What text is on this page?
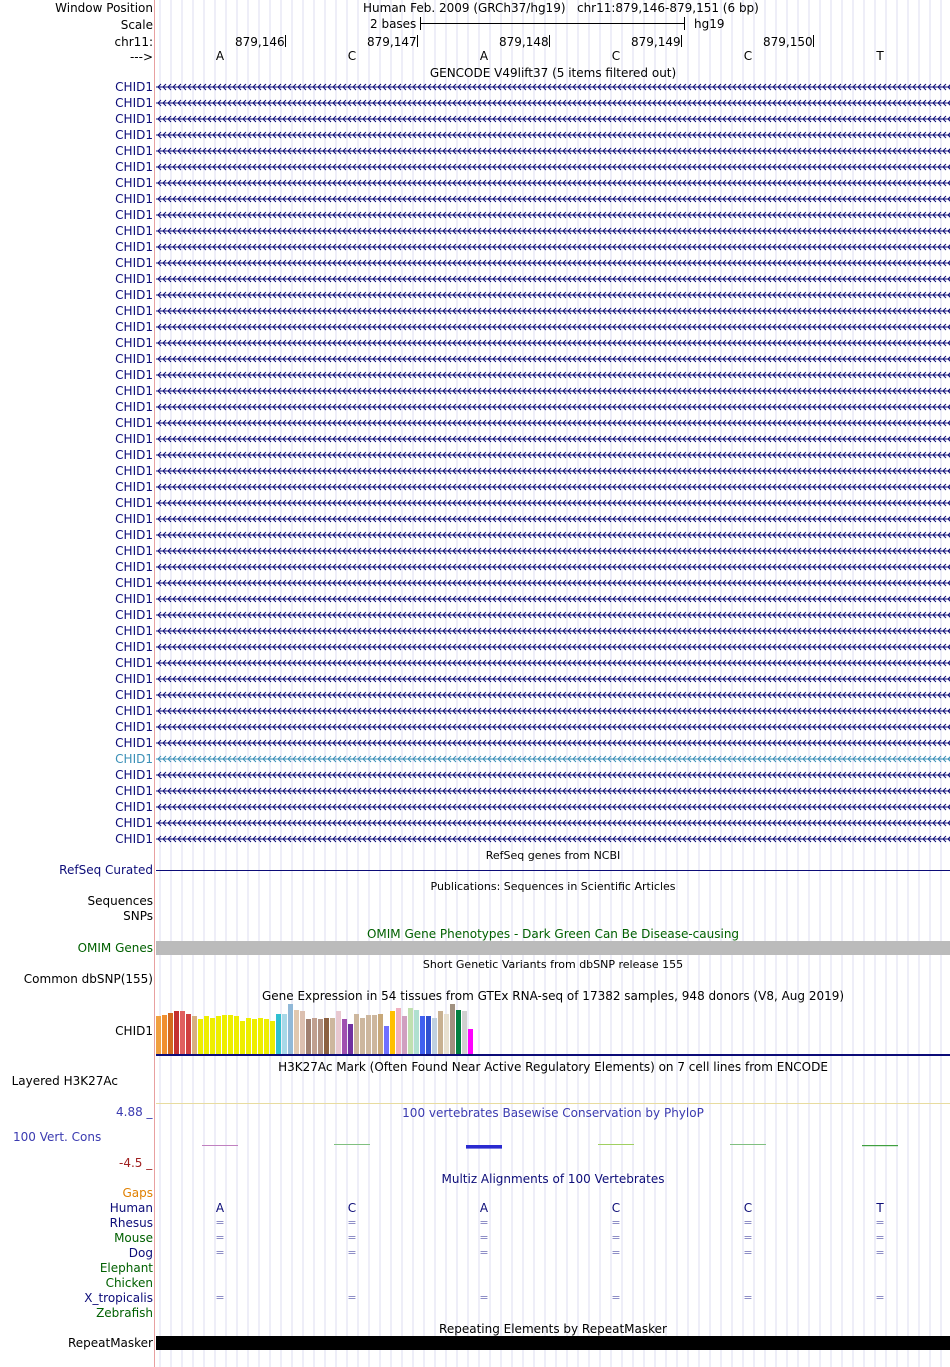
Window Position	Human Feb. 2009 (GRCh37/hg19) chr11:879,146-879,151 (6 bp)
Scale	2 bases	hg19
chr11:	879,146	879,147	879,148	879,149	879,150
--->	A	C	A	C	C	T
GENCODE V49lift37 (5 items filtered out)
CHID1
CHID1
CHID1
CHID1
CHID1
CHID1
CHID1
CHID1
CHID1
CHID1
CHID1
CHID1
CHID1
CHID1
CHID1
CHID1
CHID1
CHID1
CHID1
CHID1
CHID1
CHID1
CHID1
CHID1
CHID1
CHID1
CHID1
CHID1
CHID1
CHID1
CHID1
CHID1
CHID1
CHID1
CHID1
CHID1
CHID1
CHID1
CHID1
CHID1
CHID1
CHID1
CHID1
CHID1
CHID1
CHID1
CHID1
CHID1
RefSeq genes from NCBI
RefSeq Curated
Publications: Sequences in Scientific Articles
Sequences
SNPs
OMIM Gene Phenotypes - Dark Green Can Be Disease-causing
OMIM Genes
Short Genetic Variants from dbSNP release 155
Common dbSNP(155)
Gene Expression in 54 tissues from GTEx RNA-seq of 17382 samples, 948 donors (V8, Aug 2019)
CHID1
H3K27Ac Mark (Often Found Near Active Regulatory Elements) on 7 cell lines from ENCODE
Layered H3K27Ac
100 vertebrates Basewise Conservation by PhyloP
4.88 _
100 Vert. Cons
-4.5 _
Multiz Alignments of 100 Vertebrates
Gaps
Human	A	C	A	C	C	T
Rhesus	=	=	=	=	=	=
Mouse	=	=	=	=	=	=
Dog	=	=	=	=	=	=
Elephant
Chicken
X_tropicalis	=	=	=	=	=	=
Zebrafish
Repeating Elements by RepeatMasker
RepeatMasker
